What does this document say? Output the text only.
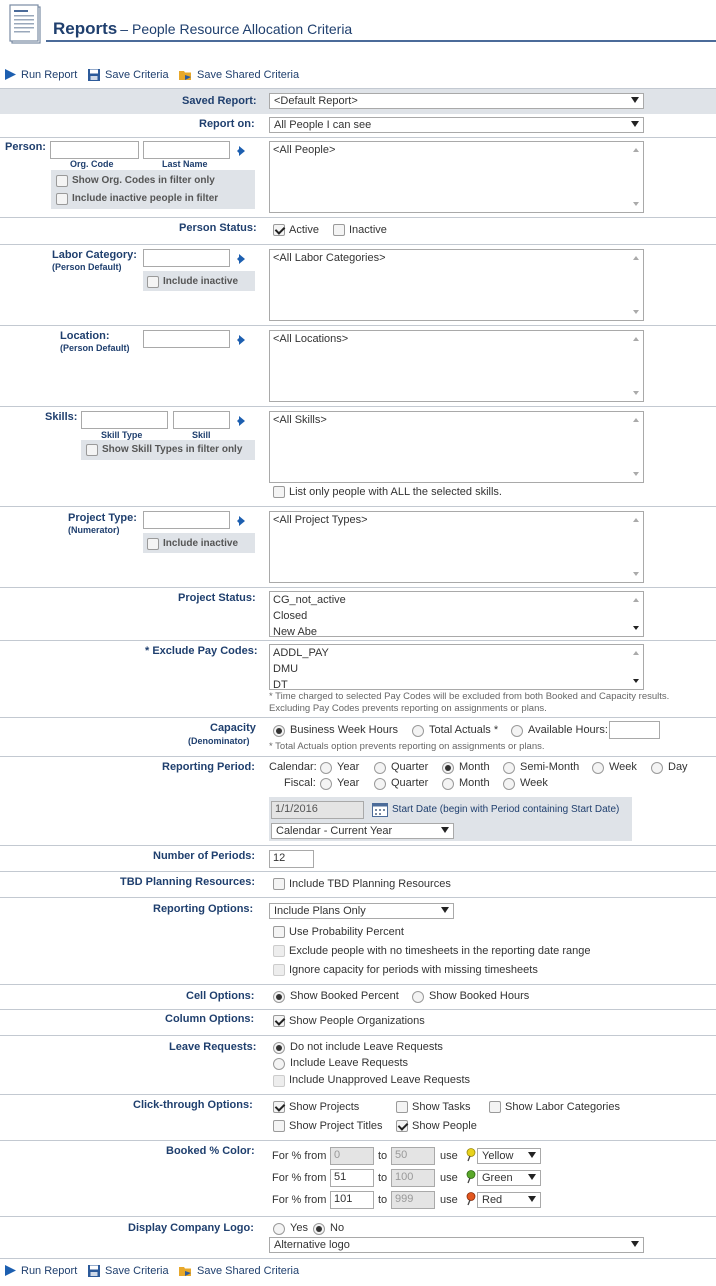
Reports – People Resource Allocation Criteria
Run Report	Save Criteria	Save Shared Criteria
Saved Report:	<Default Report>
Report on:	All People I can see
Person:
Org. Code	Last Name
Show Org. Codes in filter only
Include inactive people in filter
<All People>
Person Status:	Active	Inactive
Labor Category:
(Person Default)
Include inactive
<All Labor Categories>
Location:
(Person Default)
<All Locations>
Skills:
Skill Type	Skill
Show Skill Types in filter only
<All Skills>
List only people with ALL the selected skills.
Project Type:
(Numerator)
Include inactive
<All Project Types>
Project Status: CG_not_active
Closed
New Abe
* Exclude Pay Codes: ADDL_PAY
DMU
DT
* Time charged to selected Pay Codes will be excluded from both Booked and Capacity results.
Excluding Pay Codes prevents reporting on assignments or plans.
Capacity
(Denominator)
Business Week Hours	Total Actuals *	Available Hours:
* Total Actuals option prevents reporting on assignments or plans.
Reporting Period: Calendar: Year	Quarter	Month	Semi-Month	Week	Day
Fiscal: Year	Quarter	Month	Week
1/1/2016	Start Date (begin with Period containing Start Date)
Calendar - Current Year
Number of Periods:	12
TBD Planning Resources:	Include TBD Planning Resources
Reporting Options:	Include Plans Only
Use Probability Percent
Exclude people with no timesheets in the reporting date range
Ignore capacity for periods with missing timesheets
Cell Options:	Show Booked Percent	Show Booked Hours
Column Options:	Show People Organizations
Leave Requests:	Do not include Leave Requests
Include Leave Requests
Include Unapproved Leave Requests
Click-through Options:	Show Projects	Show Tasks	Show Labor Categories
Show Project Titles	Show People
Booked % Color: For % from 0	to 50	use	Yellow
For % from 51	to 100	use	Green
For % from 101	to 999	use	Red
Display Company Logo:	Yes No
Alternative logo
Run Report	Save Criteria	Save Shared Criteria
